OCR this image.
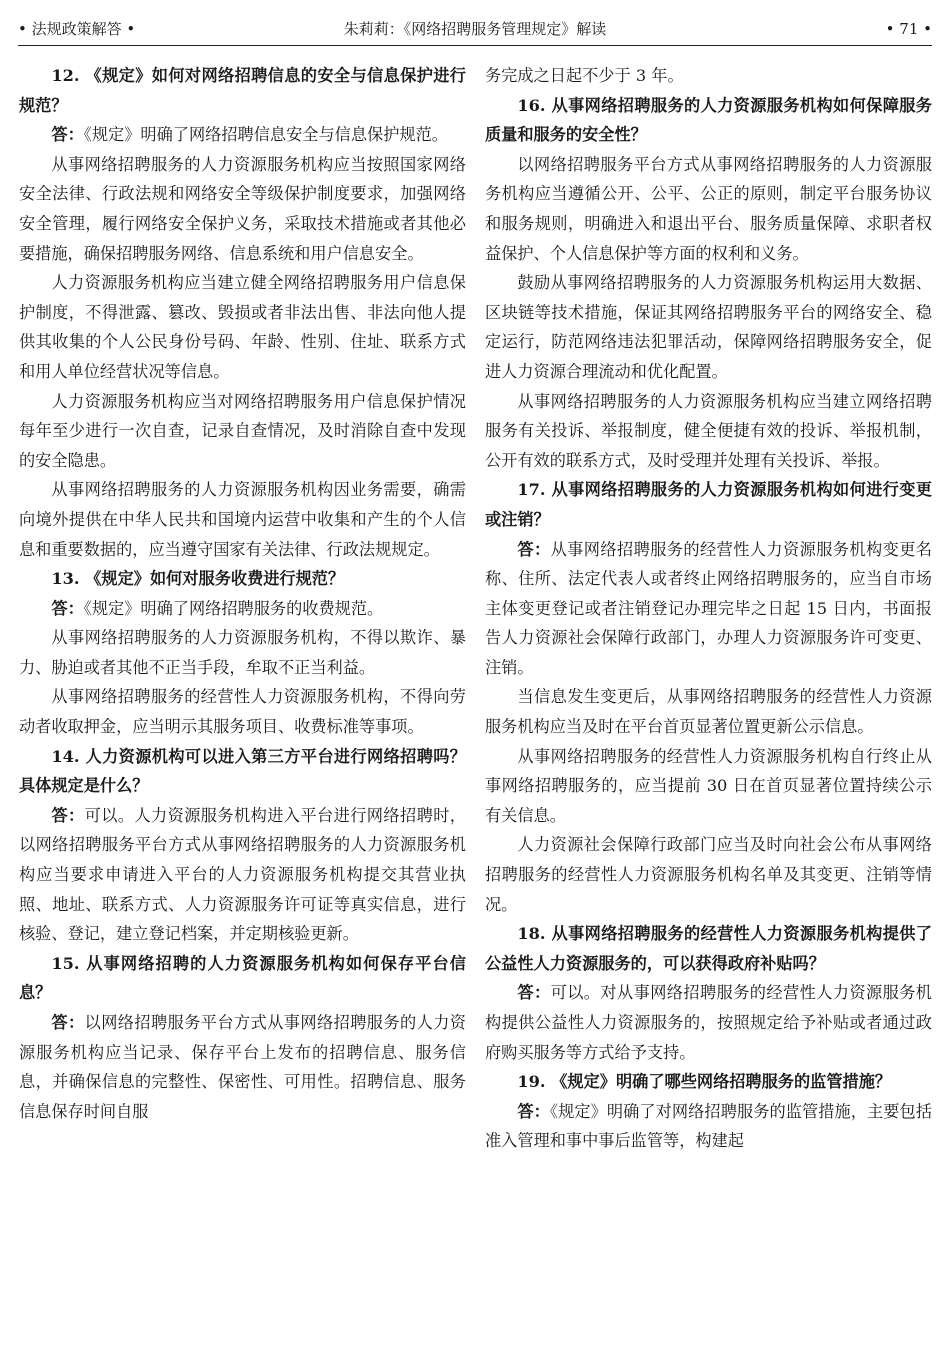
• 法规政策解答 •	朱莉莉：《网络招聘服务管理规定》解读	• 71 •

12. 《规定》如何对网络招聘信息的安全与信息保护进行规范？

答：《规定》明确了网络招聘信息安全与信息保护规范。

从事网络招聘服务的人力资源服务机构应当按照国家网络安全法律、行政法规和网络安全等级保护制度要求，加强网络安全管理，履行网络安全保护义务，采取技术措施或者其他必要措施，确保招聘服务网络、信息系统和用户信息安全。

人力资源服务机构应当建立健全网络招聘服务用户信息保护制度，不得泄露、篡改、毁损或者非法出售、非法向他人提供其收集的个人公民身份号码、年龄、性别、住址、联系方式和用人单位经营状况等信息。

人力资源服务机构应当对网络招聘服务用户信息保护情况每年至少进行一次自查，记录自查情况，及时消除自查中发现的安全隐患。

从事网络招聘服务的人力资源服务机构因业务需要，确需向境外提供在中华人民共和国境内运营中收集和产生的个人信息和重要数据的，应当遵守国家有关法律、行政法规规定。

13. 《规定》如何对服务收费进行规范？

答：《规定》明确了网络招聘服务的收费规范。

从事网络招聘服务的人力资源服务机构，不得以欺诈、暴力、胁迫或者其他不正当手段，牟取不正当利益。

从事网络招聘服务的经营性人力资源服务机构，不得向劳动者收取押金，应当明示其服务项目、收费标准等事项。

14. 人力资源机构可以进入第三方平台进行网络招聘吗？具体规定是什么？

答：可以。人力资源服务机构进入平台进行网络招聘时，以网络招聘服务平台方式从事网络招聘服务的人力资源服务机构应当要求申请进入平台的人力资源服务机构提交其营业执照、地址、联系方式、人力资源服务许可证等真实信息，进行核验、登记，建立登记档案，并定期核验更新。

15. 从事网络招聘的人力资源服务机构如何保存平台信息？

答：以网络招聘服务平台方式从事网络招聘服务的人力资源服务机构应当记录、保存平台上发布的招聘信息、服务信息，并确保信息的完整性、保密性、可用性。招聘信息、服务信息保存时间自服

务完成之日起不少于 3 年。

16. 从事网络招聘服务的人力资源服务机构如何保障服务质量和服务的安全性？

以网络招聘服务平台方式从事网络招聘服务的人力资源服务机构应当遵循公开、公平、公正的原则，制定平台服务协议和服务规则，明确进入和退出平台、服务质量保障、求职者权益保护、个人信息保护等方面的权利和义务。

鼓励从事网络招聘服务的人力资源服务机构运用大数据、区块链等技术措施，保证其网络招聘服务平台的网络安全、稳定运行，防范网络违法犯罪活动，保障网络招聘服务安全，促进人力资源合理流动和优化配置。

从事网络招聘服务的人力资源服务机构应当建立网络招聘服务有关投诉、举报制度，健全便捷有效的投诉、举报机制，公开有效的联系方式，及时受理并处理有关投诉、举报。

17. 从事网络招聘服务的人力资源服务机构如何进行变更或注销？

答：从事网络招聘服务的经营性人力资源服务机构变更名称、住所、法定代表人或者终止网络招聘服务的，应当自市场主体变更登记或者注销登记办理完毕之日起 15 日内，书面报告人力资源社会保障行政部门，办理人力资源服务许可变更、注销。

当信息发生变更后，从事网络招聘服务的经营性人力资源服务机构应当及时在平台首页显著位置更新公示信息。

从事网络招聘服务的经营性人力资源服务机构自行终止从事网络招聘服务的，应当提前 30 日在首页显著位置持续公示有关信息。

人力资源社会保障行政部门应当及时向社会公布从事网络招聘服务的经营性人力资源服务机构名单及其变更、注销等情况。

18. 从事网络招聘服务的经营性人力资源服务机构提供了公益性人力资源服务的，可以获得政府补贴吗？

答：可以。对从事网络招聘服务的经营性人力资源服务机构提供公益性人力资源服务的，按照规定给予补贴或者通过政府购买服务等方式给予支持。

19. 《规定》明确了哪些网络招聘服务的监管措施？

答：《规定》明确了对网络招聘服务的监管措施，主要包括准入管理和事中事后监管等，构建起
